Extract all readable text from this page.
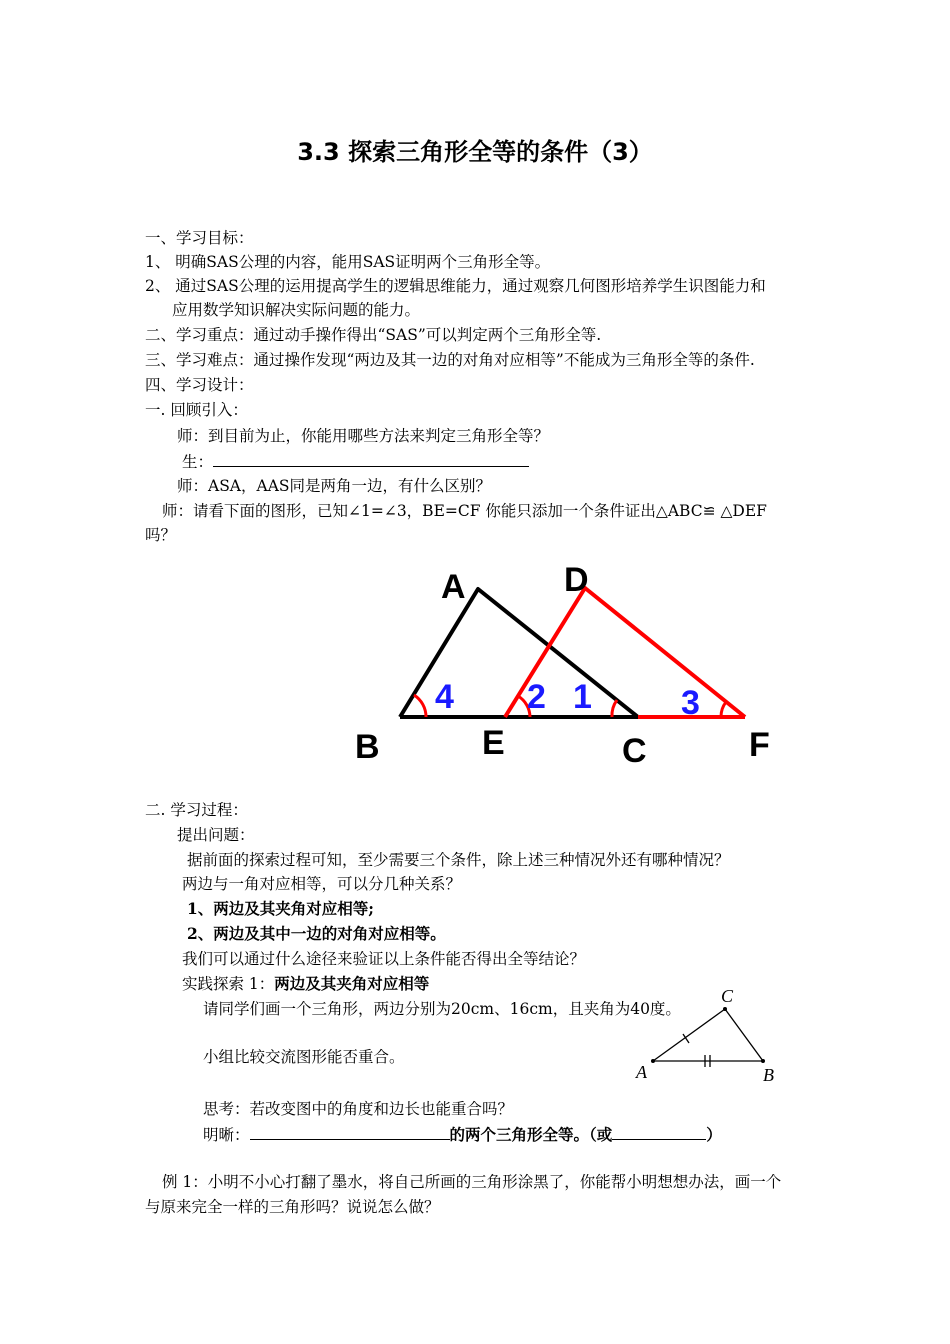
3.3 探索三角形全等的条件（3）
一、学习目标：
1、 明确SAS公理的内容，能用SAS证明两个三角形全等。
2、 通过SAS公理的运用提高学生的逻辑思维能力，通过观察几何图形培养学生识图能力和
应用数学知识解决实际问题的能力。
二、学习重点：通过动手操作得出“SAS”可以判定两个三角形全等.
三、学习难点：通过操作发现“两边及其一边的对角对应相等”不能成为三角形全等的条件.
四、学习设计：
一. 回顾引入：
师：到目前为止，你能用哪些方法来判定三角形全等？
生：
师：ASA，AAS同是两角一边，有什么区别？
师：请看下面的图形，已知∠1=∠3，BE=CF 你能只添加一个条件证出△ABC≌ △DEF
吗？
A
B	C
D
E	F
4 2 1	3
二. 学习过程：
提出问题：
据前面的探索过程可知，至少需要三个条件，除上述三种情况外还有哪种情况？
两边与一角对应相等，可以分几种关系？
1、两边及其夹角对应相等;
2、两边及其中一边的对角对应相等。
我们可以通过什么途径来验证以上条件能否得出全等结论？
实践探索 1：两边及其夹角对应相等
请同学们画一个三角形，两边分别为20cm、16cm，且夹角为40度。
小组比较交流图形能否重合。
思考：若改变图中的角度和边长也能重合吗？
明晰：	的两个三角形全等。（或	）
A	B
C
例 1：小明不小心打翻了墨水，将自己所画的三角形涂黑了，你能帮小明想想办法，画一个
与原来完全一样的三角形吗？说说怎么做？
